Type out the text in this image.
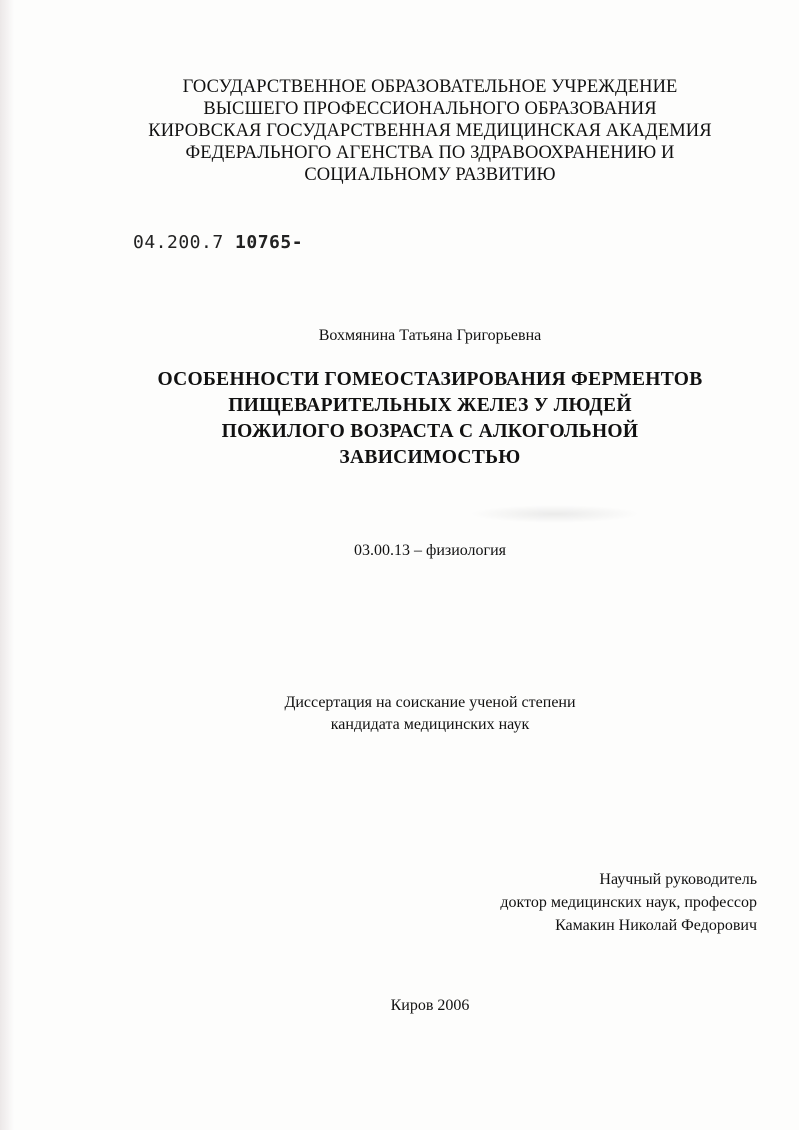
ГОСУДАРСТВЕННОЕ ОБРАЗОВАТЕЛЬНОЕ УЧРЕЖДЕНИЕ
ВЫСШЕГО ПРОФЕССИОНАЛЬНОГО ОБРАЗОВАНИЯ
КИРОВСКАЯ ГОСУДАРСТВЕННАЯ МЕДИЦИНСКАЯ АКАДЕМИЯ
ФЕДЕРАЛЬНОГО АГЕНСТВА ПО ЗДРАВООХРАНЕНИЮ И
СОЦИАЛЬНОМУ РАЗВИТИЮ
04.200.7 10765-
Вохмянина Татьяна Григорьевна
ОСОБЕННОСТИ ГОМЕОСТАЗИРОВАНИЯ ФЕРМЕНТОВ
ПИЩЕВАРИТЕЛЬНЫХ ЖЕЛЕЗ У ЛЮДЕЙ
ПОЖИЛОГО ВОЗРАСТА С АЛКОГОЛЬНОЙ
ЗАВИСИМОСТЬЮ
03.00.13 – физиология
Диссертация на соискание ученой степени
кандидата медицинских наук
Научный руководитель
доктор медицинских наук, профессор
Камакин Николай Федорович
Киров 2006
